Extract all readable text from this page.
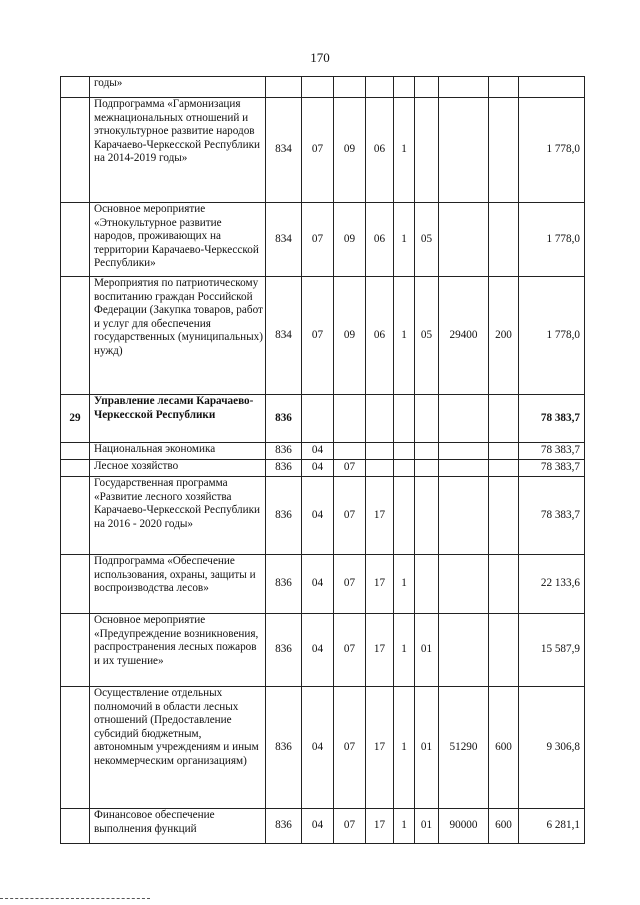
170
	годы»									
	Подпрограмма «Гармонизация межнациональных отношений и этнокультурное развитие народов Карачаево-Черкесской Республики на 2014-2019 годы»	834	07	09	06	1				1 778,0
	Основное мероприятие «Этнокультурное развитие народов, проживающих на территории Карачаево-Черкесской Республики»	834	07	09	06	1	05			1 778,0
	Мероприятия по патриотическому воспитанию граждан Российской Федерации (Закупка товаров, работ и услуг для обеспечения государственных (муниципальных) нужд)	834	07	09	06	1	05	29400	200	1 778,0
29	Управление лесами Карачаево-Черкесской Республики	836								78 383,7
	Национальная экономика	836	04							78 383,7
	Лесное хозяйство	836	04	07						78 383,7
	Государственная программа «Развитие лесного хозяйства Карачаево-Черкесской Республики на 2016 - 2020 годы»	836	04	07	17					78 383,7
	Подпрограмма «Обеспечение использования, охраны, защиты и воспроизводства лесов»	836	04	07	17	1				22 133,6
	Основное мероприятие «Предупреждение возникновения, распространения лесных пожаров и их тушение»	836	04	07	17	1	01			15 587,9
	Осуществление отдельных полномочий в области лесных отношений (Предоставление субсидий бюджетным, автономным учреждениям и иным некоммерческим организациям)	836	04	07	17	1	01	51290	600	9 306,8
	Финансовое обеспечение выполнения функций	836	04	07	17	1	01	90000	600	6 281,1
